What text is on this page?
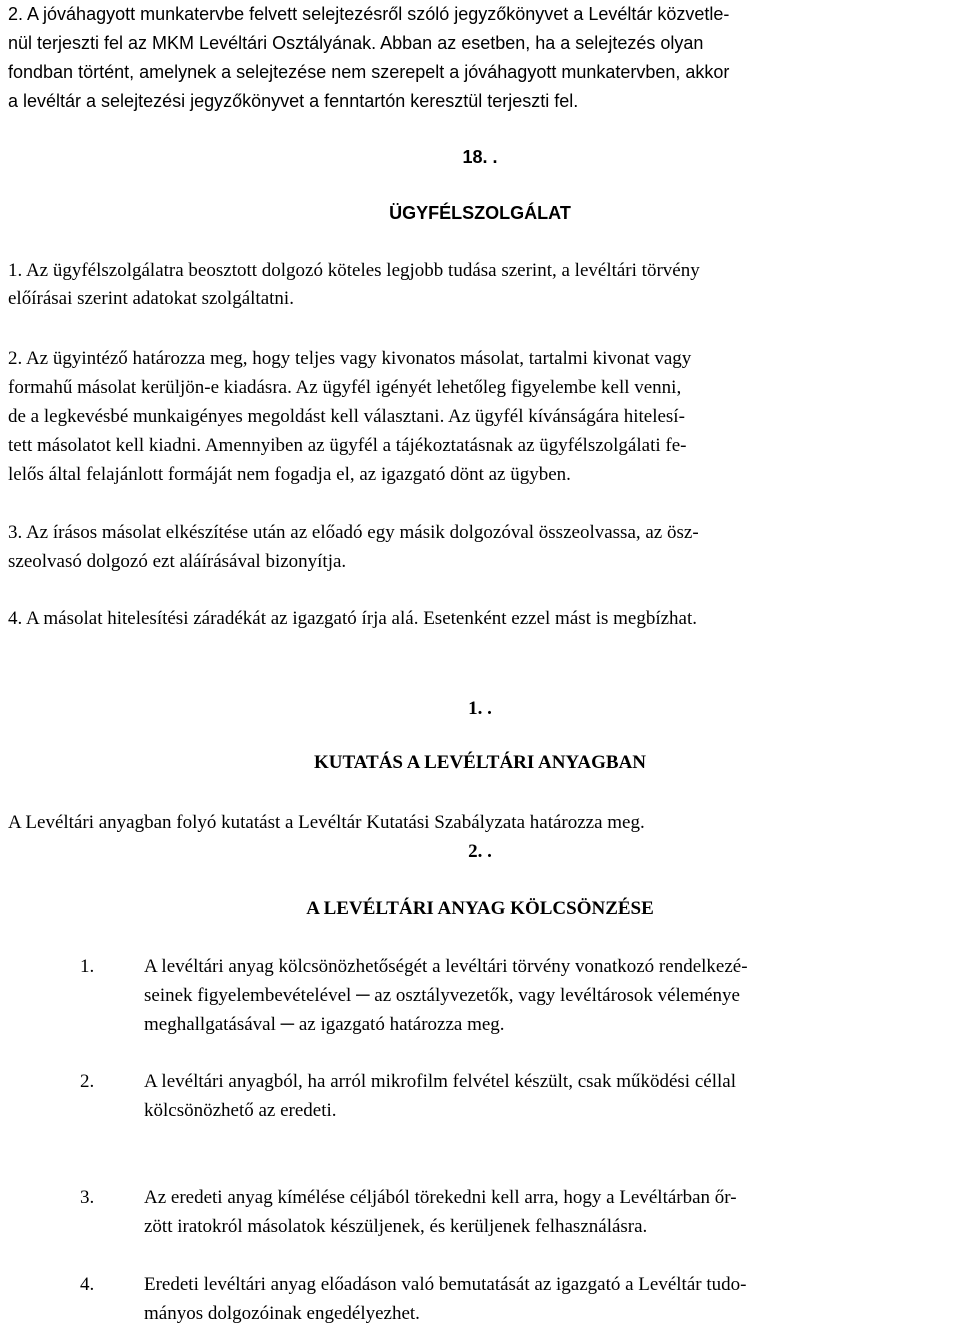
2. A jóváhagyott munkatervbe felvett selejtezésről szóló jegyzőkönyvet a Levéltár közvetle-
nül terjeszti fel az MKM Levéltári Osztályának. Abban az esetben, ha a selejtezés olyan
fondban történt, amelynek a selejtezése nem szerepelt a jóváhagyott munkatervben, akkor
a levéltár a selejtezési jegyzőkönyvet a fenntartón keresztül terjeszti fel.
18. .
ÜGYFÉLSZOLGÁLAT
1. Az ügyfélszolgálatra beosztott dolgozó köteles legjobb tudása szerint, a levéltári törvény
előírásai szerint adatokat szolgáltatni.
2. Az ügyintéző határozza meg, hogy teljes vagy kivonatos másolat, tartalmi kivonat vagy
formahű másolat kerüljön-e kiadásra. Az ügyfél igényét lehetőleg figyelembe kell venni,
de a legkevésbé munkaigényes megoldást kell választani. Az ügyfél kívánságára hitelesí-
tett másolatot kell kiadni. Amennyiben az ügyfél a tájékoztatásnak az ügyfélszolgálati fe-
lelős által felajánlott formáját nem fogadja el, az igazgató dönt az ügyben.
3. Az írásos másolat elkészítése után az előadó egy másik dolgozóval összeolvassa, az ösz-
szeolvasó dolgozó ezt aláírásával bizonyítja.
4. A másolat hitelesítési záradékát az igazgató írja alá. Esetenként ezzel mást is megbízhat.
1. .
KUTATÁS A LEVÉLTÁRI ANYAGBAN
A Levéltári anyagban folyó kutatást a Levéltár Kutatási Szabályzata határozza meg.
2. .
A LEVÉLTÁRI ANYAG KÖLCSÖNZÉSE
1.	A levéltári anyag kölcsönözhetőségét a levéltári törvény vonatkozó rendelkezé-
seinek figyelembevételével ─ az osztályvezetők, vagy levéltárosok véleménye
meghallgatásával ─ az igazgató határozza meg.
2.	A levéltári anyagból, ha arról mikrofilm felvétel készült, csak működési céllal
kölcsönözhető az eredeti.
3.	Az eredeti anyag kímélése céljából törekedni kell arra, hogy a Levéltárban őr-
zött iratokról másolatok készüljenek, és kerüljenek felhasználásra.
4.	Eredeti levéltári anyag előadáson való bemutatását az igazgató a Levéltár tudo-
mányos dolgozóinak engedélyezhet.
